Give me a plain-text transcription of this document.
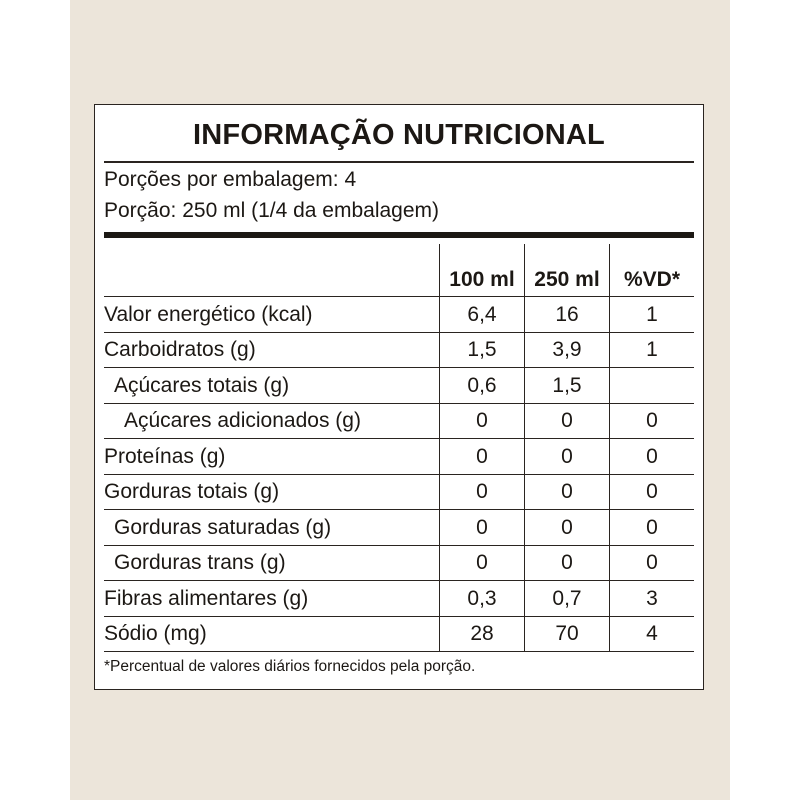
INFORMAÇÃO NUTRICIONAL
Porções por embalagem: 4
Porção: 250 ml (1/4 da embalagem)
	100 ml	250 ml	%VD*
Valor energético (kcal)	6,4	16	1
Carboidratos (g)	1,5	3,9	1
Açúcares totais (g)	0,6	1,5	
Açúcares adicionados (g)	0	0	0
Proteínas (g)	0	0	0
Gorduras totais (g)	0	0	0
Gorduras saturadas (g)	0	0	0
Gorduras trans (g)	0	0	0
Fibras alimentares (g)	0,3	0,7	3
Sódio (mg)	28	70	4
*Percentual de valores diários fornecidos pela porção.
